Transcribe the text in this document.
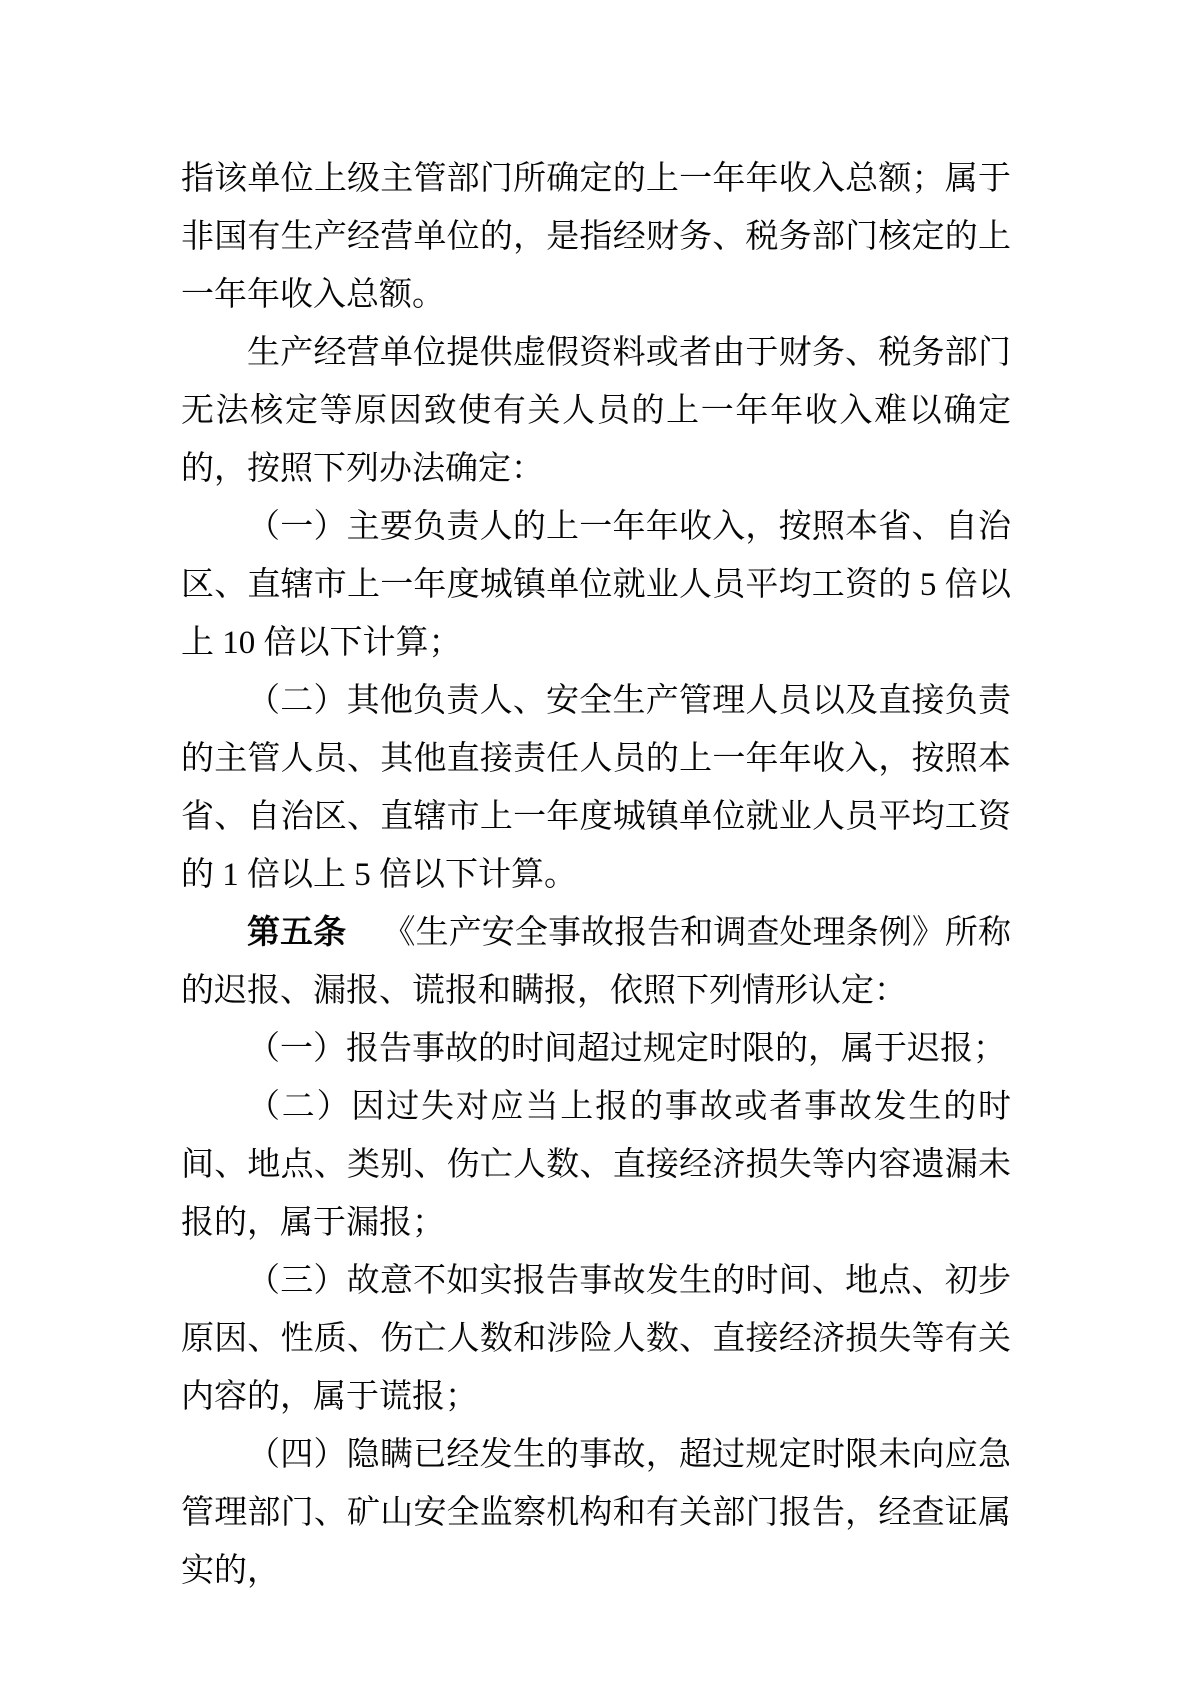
指该单位上级主管部门所确定的上一年年收入总额；属于非国有生产经营单位的，是指经财务、税务部门核定的上一年年收入总额。

生产经营单位提供虚假资料或者由于财务、税务部门无法核定等原因致使有关人员的上一年年收入难以确定的，按照下列办法确定：

（一）主要负责人的上一年年收入，按照本省、自治区、直辖市上一年度城镇单位就业人员平均工资的 5 倍以上 10 倍以下计算；

（二）其他负责人、安全生产管理人员以及直接负责的主管人员、其他直接责任人员的上一年年收入，按照本省、自治区、直辖市上一年度城镇单位就业人员平均工资的 1 倍以上 5 倍以下计算。

第五条 《生产安全事故报告和调查处理条例》所称的迟报、漏报、谎报和瞒报，依照下列情形认定：

（一）报告事故的时间超过规定时限的，属于迟报；

（二）因过失对应当上报的事故或者事故发生的时间、地点、类别、伤亡人数、直接经济损失等内容遗漏未报的，属于漏报；

（三）故意不如实报告事故发生的时间、地点、初步原因、性质、伤亡人数和涉险人数、直接经济损失等有关内容的，属于谎报；

（四）隐瞒已经发生的事故，超过规定时限未向应急管理部门、矿山安全监察机构和有关部门报告，经查证属实的，
